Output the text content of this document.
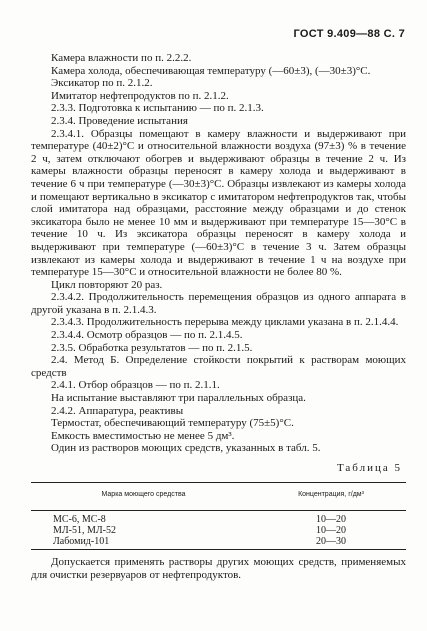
ГОСТ 9.409—88 С. 7

Камера влажности по п. 2.2.2.

Камера холода, обеспечивающая температуру (—60±3), (—30±3)°С.

Эксикатор по п. 2.1.2.

Имитатор нефтепродуктов по п. 2.1.2.

2.3.3. Подготовка к испытанию — по п. 2.1.3.

2.3.4. Проведение испытания

2.3.4.1. Образцы помещают в камеру влажности и выдерживают при температуре (40±2)°С и относительной влажности воздуха (97±3) % в течение 2 ч, затем отключают обогрев и выдерживают образцы в течение 2 ч. Из камеры влажности образцы переносят в камеру холода и выдерживают в течение 6 ч при температуре (—30±3)°С. Образцы извлекают из камеры холода и помещают вертикально в эксикатор с имитатором нефтепродуктов так, чтобы слой имитатора над образцами, расстояние между образцами и до стенок эксикатора было не менее 10 мм и выдерживают при температуре 15—30°С в течение 10 ч. Из эксикатора образцы переносят в камеру холода и выдерживают при температуре (—60±3)°С в течение 3 ч. Затем образцы извлекают из камеры холода и выдерживают в течение 1 ч на воздухе при температуре 15—30°С и относительной влажности не более 80 %.

Цикл повторяют 20 раз.

2.3.4.2. Продолжительность перемещения образцов из одного аппарата в другой указана в п. 2.1.4.3.

2.3.4.3. Продолжительность перерыва между циклами указана в п. 2.1.4.4.

2.3.4.4. Осмотр образцов — по п. 2.1.4.5.

2.3.5. Обработка результатов — по п. 2.1.5.

2.4. Метод Б. Определение стойкости покрытий к растворам моющих средств

2.4.1. Отбор образцов — по п. 2.1.1.

На испытание выставляют три параллельных образца.

2.4.2. Аппаратура, реактивы

Термостат, обеспечивающий температуру (75±5)°С.

Емкость вместимостью не менее 5 дм³.

Один из растворов моющих средств, указанных в табл. 5.

Таблица 5
Марка моющего средства	Концентрация, г/дм³
МС-6, МС-8	10—20
МЛ-51, МЛ-52	10—20
Лабомид-101	20—30

Допускается применять растворы других моющих средств, применяемых для очистки резервуаров от нефтепродуктов.
